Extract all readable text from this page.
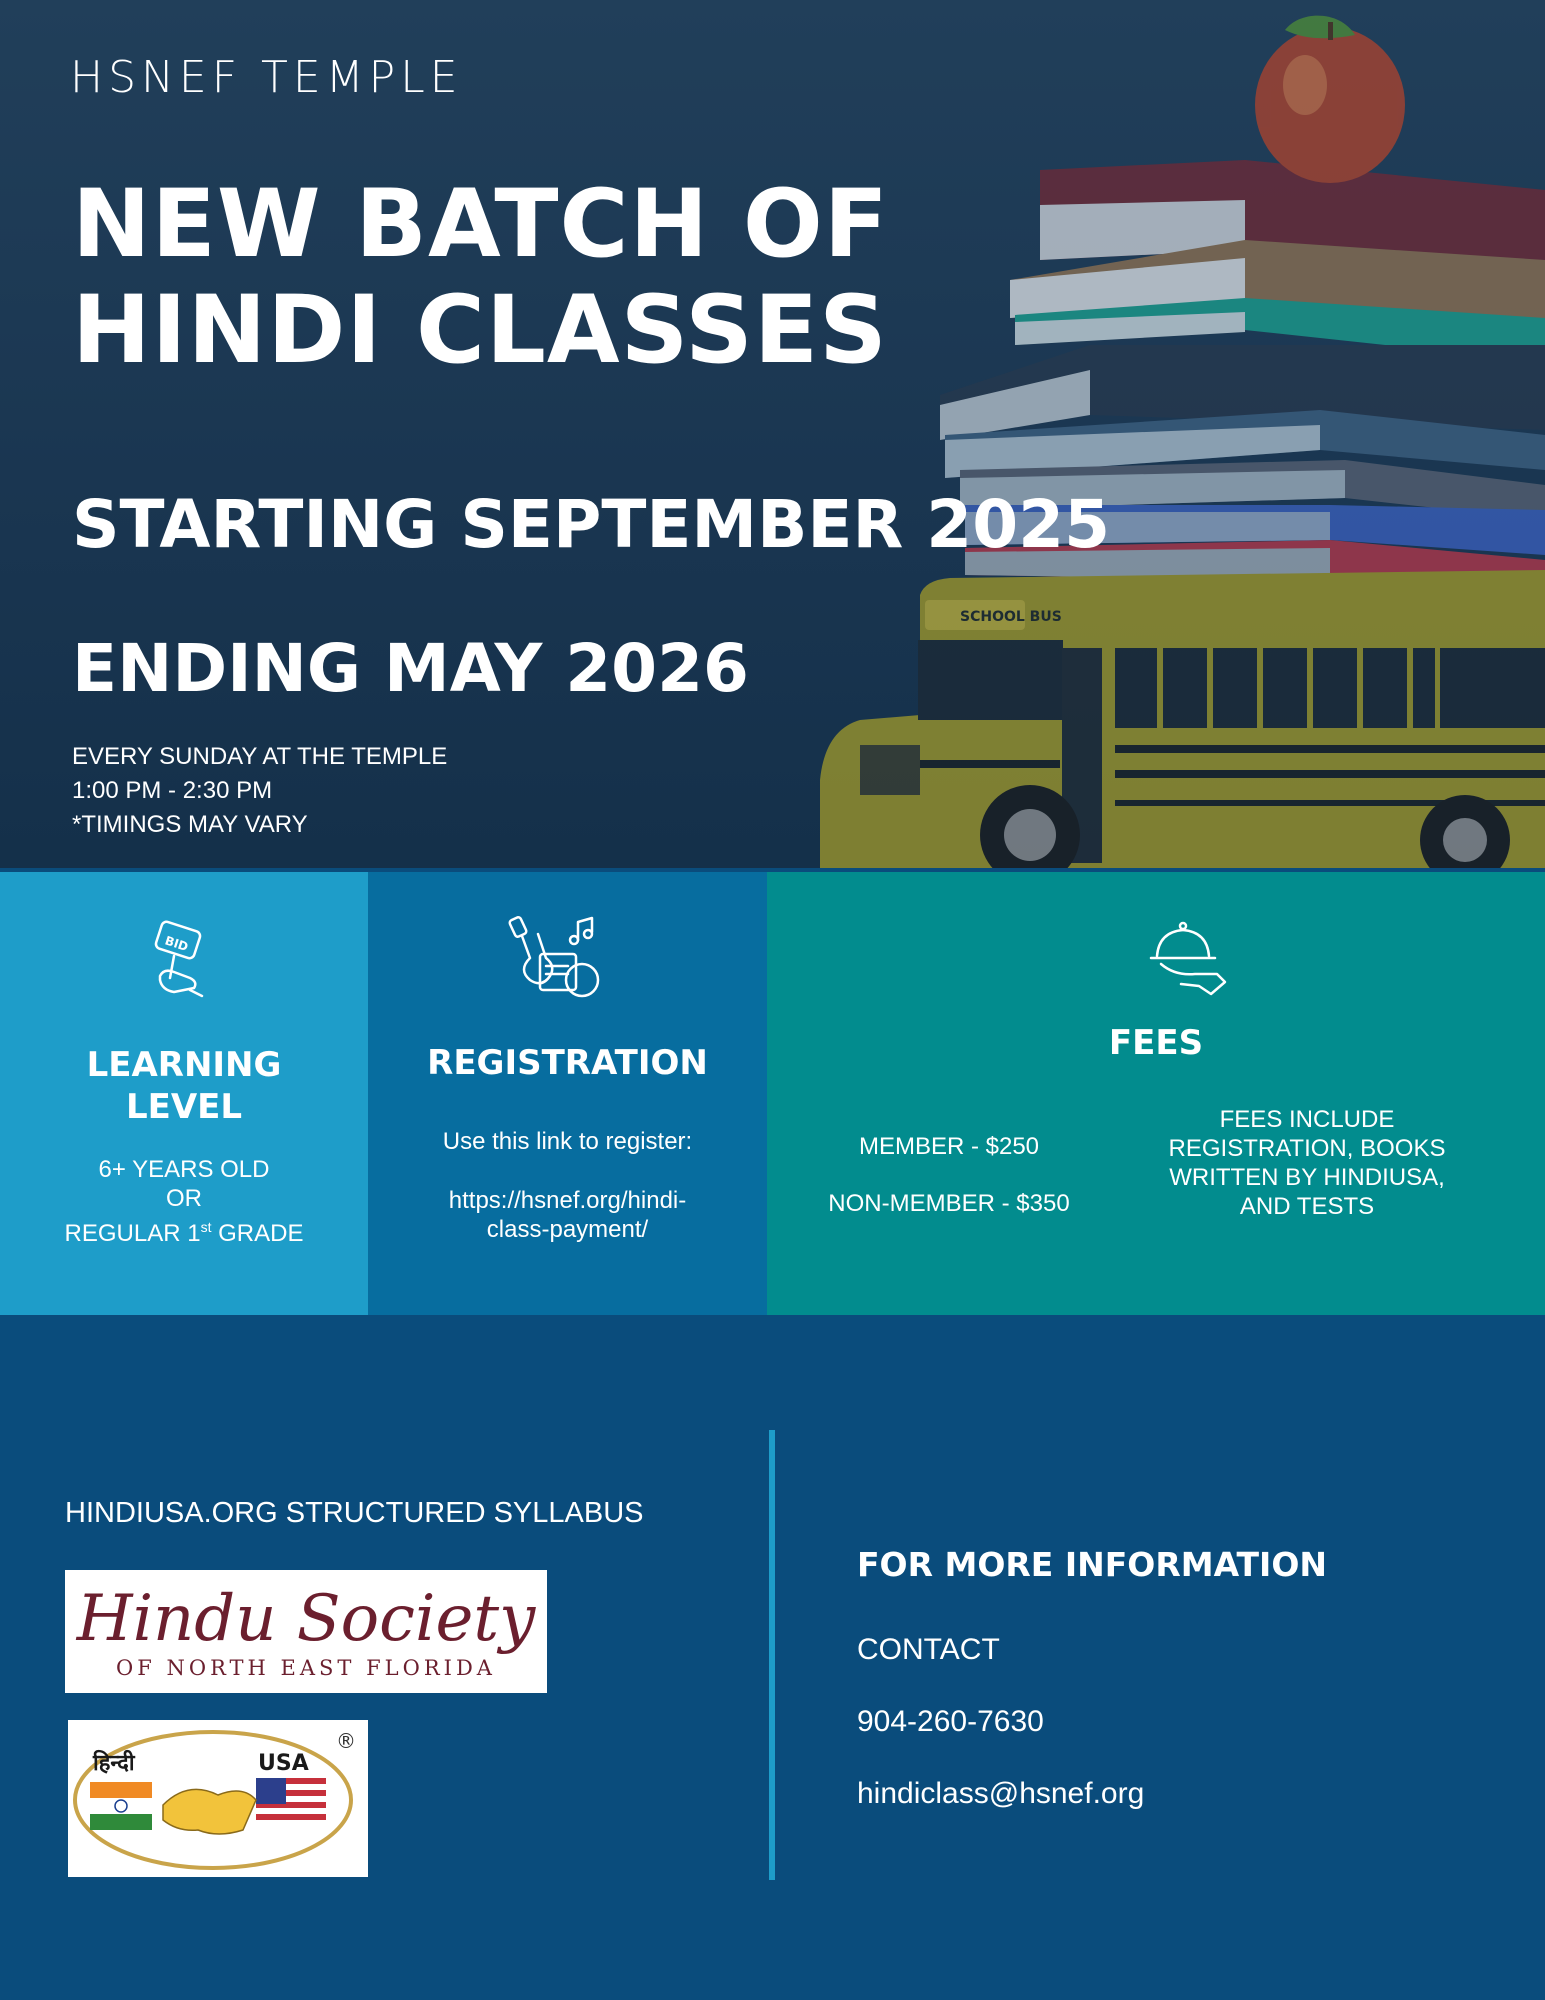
SCHOOL BUS
HSNEF TEMPLE
NEW BATCH OF
HINDI CLASSES
STARTING SEPTEMBER 2025
ENDING MAY 2026
EVERY SUNDAY AT THE TEMPLE
1:00 PM - 2:30 PM
*TIMINGS MAY VARY
BID
LEARNING
LEVEL
6+ YEARS OLD
OR
REGULAR 1st GRADE
REGISTRATION
Use this link to register:
https://hsnef.org/hindi-
class-payment/
FEES
MEMBER - $250
NON-MEMBER - $350
FEES INCLUDE
REGISTRATION, BOOKS
WRITTEN BY HINDIUSA,
AND TESTS
HINDIUSA.ORG STRUCTURED SYLLABUS
Hindu Society
OF NORTH EAST FLORIDA
हिन्दी	USA
®
FOR MORE INFORMATION
CONTACT
904-260-7630
hindiclass@hsnef.org
